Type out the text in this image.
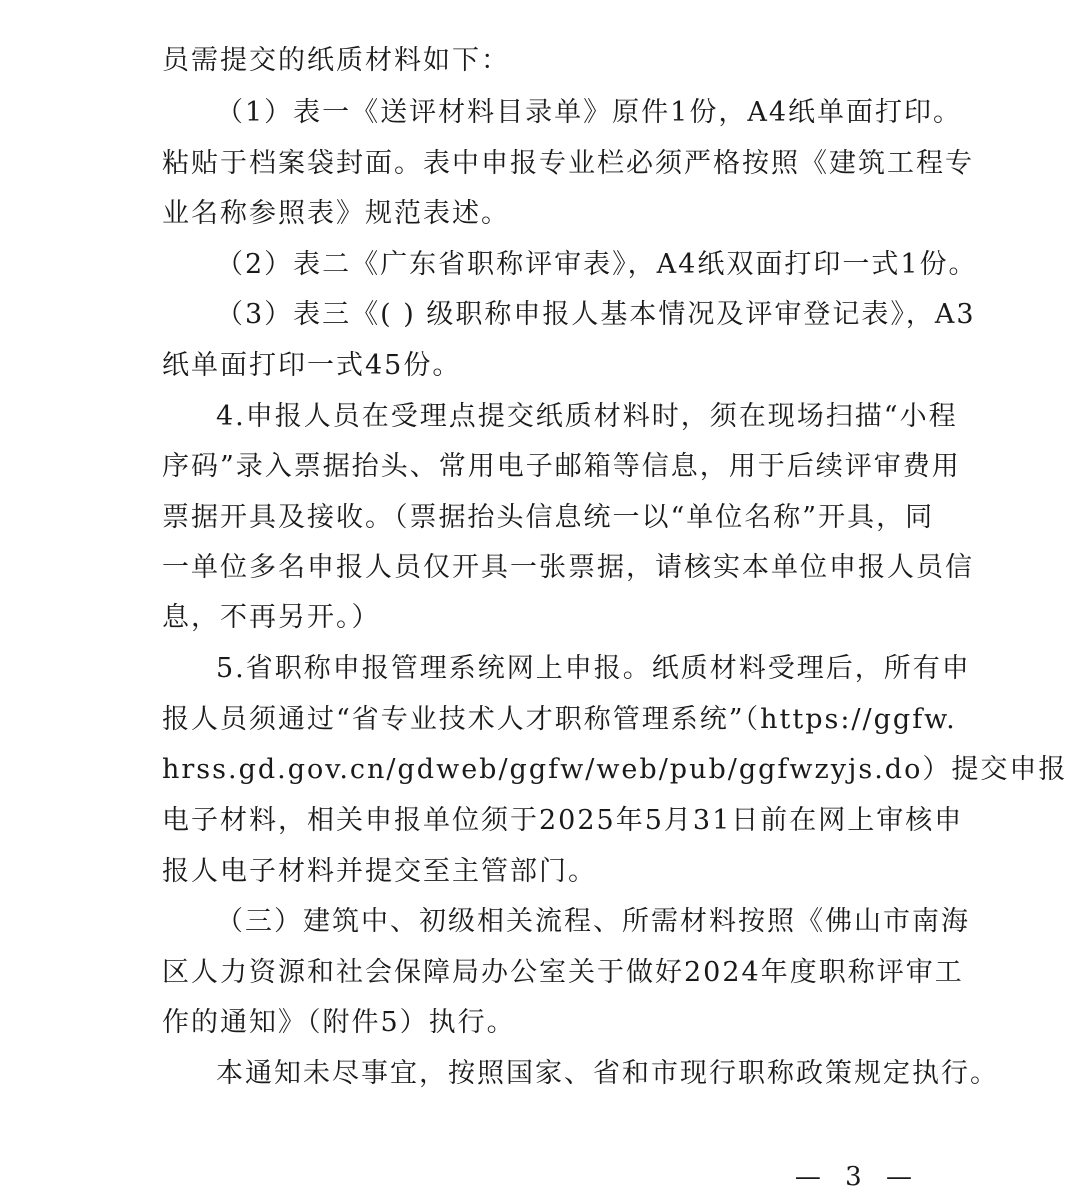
员需提交的纸质材料如下：
（1）表一《送评材料目录单》原件1份，A4纸单面打印。
粘贴于档案袋封面。表中申报专业栏必须严格按照《建筑工程专
业名称参照表》规范表述。
（2）表二《广东省职称评审表》，A4纸双面打印一式1份。
（3）表三《( ) 级职称申报人基本情况及评审登记表》，A3
纸单面打印一式45份。
4.申报人员在受理点提交纸质材料时，须在现场扫描“小程
序码”录入票据抬头、常用电子邮箱等信息，用于后续评审费用
票据开具及接收。（票据抬头信息统一以“单位名称”开具，同
一单位多名申报人员仅开具一张票据，请核实本单位申报人员信
息，不再另开。）
5.省职称申报管理系统网上申报。纸质材料受理后，所有申
报人员须通过“省专业技术人才职称管理系统”（https://ggfw.
hrss.gd.gov.cn/gdweb/ggfw/web/pub/ggfwzyjs.do）提交申报
电子材料，相关申报单位须于2025年5月31日前在网上审核申
报人电子材料并提交至主管部门。
（三）建筑中、初级相关流程、所需材料按照《佛山市南海
区人力资源和社会保障局办公室关于做好2024年度职称评审工
作的通知》（附件5）执行。
本通知未尽事宜，按照国家、省和市现行职称政策规定执行。
— 3 —
